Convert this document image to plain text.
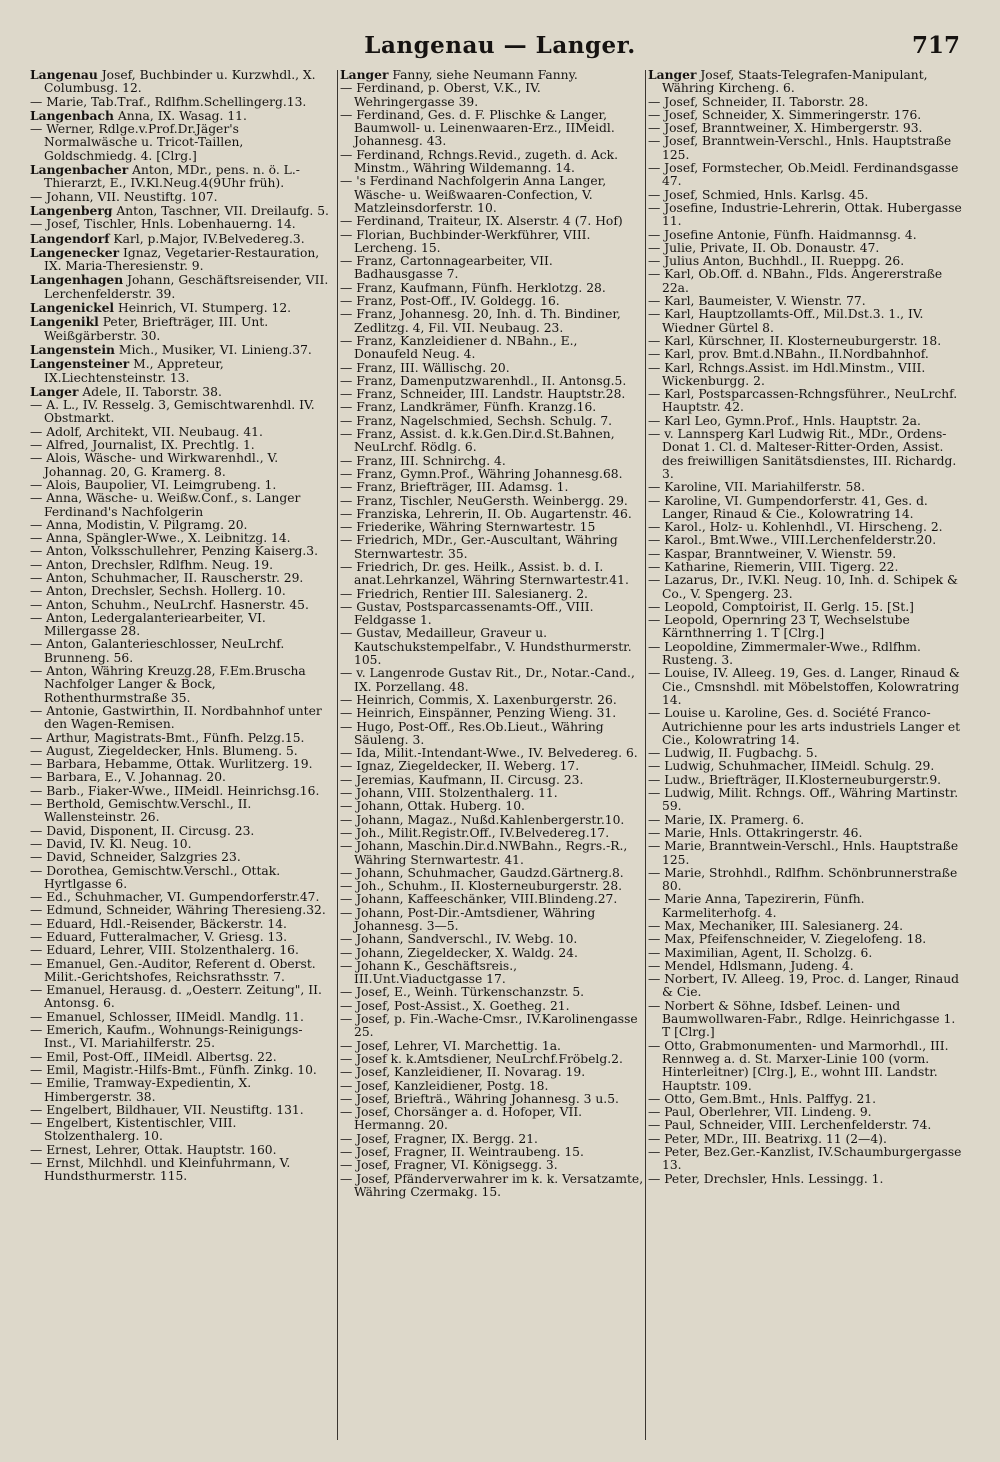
Langenau — Langer.	717
Langenau Josef, Buchbinder u. Kurzwhdl., X. Columbusg. 12.
— Marie, Tab.Traf., Rdlfhm.Schellingerg.13.
Langenbach Anna, IX. Wasag. 11.
— Werner, Rdlge.v.Prof.Dr.Jäger's Normalwäsche u. Tricot-Taillen, Goldschmiedg. 4. [Clrg.]
Langenbacher Anton, MDr., pens. n. ö. L.-Thierarzt, E., IV.Kl.Neug.4(9Uhr früh).
— Johann, VII. Neustiftg. 107.
Langenberg Anton, Taschner, VII. Dreilaufg. 5.
— Josef, Tischler, Hnls. Lobenhauerng. 14.
Langendorf Karl, p.Major, IV.Belvedereg.3.
Langenecker Ignaz, Vegetarier-Restauration, IX. Maria-Theresienstr. 9.
Langenhagen Johann, Geschäftsreisender, VII. Lerchenfelderstr. 39.
Langenickel Heinrich, VI. Stumperg. 12.
Langenikl Peter, Briefträger, III. Unt. Weißgärberstr. 30.
Langenstein Mich., Musiker, VI. Linieng.37.
Langensteiner M., Appreteur, IX.Liechtensteinstr. 13.
Langer Adele, II. Taborstr. 38.
— A. L., IV. Resselg. 3, Gemischtwarenhdl. IV. Obstmarkt.
— Adolf, Architekt, VII. Neubaug. 41.
— Alfred, Journalist, IX. Prechtlg. 1.
— Alois, Wäsche- und Wirkwarenhdl., V. Johannag. 20, G. Kramerg. 8.
— Alois, Baupolier, VI. Leimgrubeng. 1.
— Anna, Wäsche- u. Weißw.Conf., s. Langer Ferdinand's Nachfolgerin
— Anna, Modistin, V. Pilgramg. 20.
— Anna, Spängler-Wwe., X. Leibnitzg. 14.
— Anton, Volksschullehrer, Penzing Kaiserg.3.
— Anton, Drechsler, Rdlfhm. Neug. 19.
— Anton, Schuhmacher, II. Rauscherstr. 29.
— Anton, Drechsler, Sechsh. Hollerg. 10.
— Anton, Schuhm., NeuLrchf. Hasnerstr. 45.
— Anton, Ledergalanteriearbeiter, VI. Millergasse 28.
— Anton, Galanterieschlosser, NeuLrchf. Brunneng. 56.
— Anton, Währing Kreuzg.28, F.Em.Bruscha Nachfolger Langer & Bock, Rothenthurmstraße 35.
— Antonie, Gastwirthin, II. Nordbahnhof unter den Wagen-Remisen.
— Arthur, Magistrats-Bmt., Fünfh. Pelzg.15.
— August, Ziegeldecker, Hnls. Blumeng. 5.
— Barbara, Hebamme, Ottak. Wurlitzerg. 19.
— Barbara, E., V. Johannag. 20.
— Barb., Fiaker-Wwe., IIMeidl. Heinrichsg.16.
— Berthold, Gemischtw.Verschl., II. Wallensteinstr. 26.
— David, Disponent, II. Circusg. 23.
— David, IV. Kl. Neug. 10.
— David, Schneider, Salzgries 23.
— Dorothea, Gemischtw.Verschl., Ottak. Hyrtlgasse 6.
— Ed., Schuhmacher, VI. Gumpendorferstr.47.
— Edmund, Schneider, Währing Theresieng.32.
— Eduard, Hdl.-Reisender, Bäckerstr. 14.
— Eduard, Futteralmacher, V. Griesg. 13.
— Eduard, Lehrer, VIII. Stolzenthalerg. 16.
— Emanuel, Gen.-Auditor, Referent d. Oberst. Milit.-Gerichtshofes, Reichsrathsstr. 7.
— Emanuel, Herausg. d. „Oesterr. Zeitung", II. Antonsg. 6.
— Emanuel, Schlosser, IIMeidl. Mandlg. 11.
— Emerich, Kaufm., Wohnungs-Reinigungs-Inst., VI. Mariahilferstr. 25.
— Emil, Post-Off., IIMeidl. Albertsg. 22.
— Emil, Magistr.-Hilfs-Bmt., Fünfh. Zinkg. 10.
— Emilie, Tramway-Expedientin, X. Himbergerstr. 38.
— Engelbert, Bildhauer, VII. Neustiftg. 131.
— Engelbert, Kistentischler, VIII. Stolzenthalerg. 10.
— Ernest, Lehrer, Ottak. Hauptstr. 160.
— Ernst, Milchhdl. und Kleinfuhrmann, V. Hundsthurmerstr. 115.
Langer Fanny, siehe Neumann Fanny.
— Ferdinand, p. Oberst, V.K., IV. Wehringergasse 39.
— Ferdinand, Ges. d. F. Plischke & Langer, Baumwoll- u. Leinenwaaren-Erz., IIMeidl. Johannesg. 43.
— Ferdinand, Rchngs.Revid., zugeth. d. Ack. Minstm., Währing Wildemanng. 14.
— 's Ferdinand Nachfolgerin Anna Langer, Wäsche- u. Weißwaaren-Confection, V. Matzleinsdorferstr. 10.
— Ferdinand, Traiteur, IX. Alserstr. 4 (7. Hof)
— Florian, Buchbinder-Werkführer, VIII. Lercheng. 15.
— Franz, Cartonnagearbeiter, VII. Badhausgasse 7.
— Franz, Kaufmann, Fünfh. Herklotzg. 28.
— Franz, Post-Off., IV. Goldegg. 16.
— Franz, Johannesg. 20, Inh. d. Th. Bindiner, Zedlitzg. 4, Fil. VII. Neubaug. 23.
— Franz, Kanzleidiener d. NBahn., E., Donaufeld Neug. 4.
— Franz, III. Wällischg. 20.
— Franz, Damenputzwarenhdl., II. Antonsg.5.
— Franz, Schneider, III. Landstr. Hauptstr.28.
— Franz, Landkrämer, Fünfh. Kranzg.16.
— Franz, Nagelschmied, Sechsh. Schulg. 7.
— Franz, Assist. d. k.k.Gen.Dir.d.St.Bahnen, NeuLrchf. Rödlg. 6.
— Franz, III. Schnirchg. 4.
— Franz, Gymn.Prof., Währing Johannesg.68.
— Franz, Briefträger, III. Adamsg. 1.
— Franz, Tischler, NeuGersth. Weinbergg. 29.
— Franziska, Lehrerin, II. Ob. Augartenstr. 46.
— Friederike, Währing Sternwartestr. 15
— Friedrich, MDr., Ger.-Auscultant, Währing Sternwartestr. 35.
— Friedrich, Dr. ges. Heilk., Assist. b. d. I. anat.Lehrkanzel, Währing Sternwartestr.41.
— Friedrich, Rentier III. Salesianerg. 2.
— Gustav, Postsparcassenamts-Off., VIII. Feldgasse 1.
— Gustav, Medailleur, Graveur u. Kautschukstempelfabr., V. Hundsthurmerstr. 105.
— v. Langenrode Gustav Rit., Dr., Notar.-Cand., IX. Porzellang. 48.
— Heinrich, Commis, X. Laxenburgerstr. 26.
— Heinrich, Einspänner, Penzing Wieng. 31.
— Hugo, Post-Off., Res.Ob.Lieut., Währing Säuleng. 3.
— Ida, Milit.-Intendant-Wwe., IV. Belvedereg. 6.
— Ignaz, Ziegeldecker, II. Weberg. 17.
— Jeremias, Kaufmann, II. Circusg. 23.
— Johann, VIII. Stolzenthalerg. 11.
— Johann, Ottak. Huberg. 10.
— Johann, Magaz., Nußd.Kahlenbergerstr.10.
— Joh., Milit.Registr.Off., IV.Belvedereg.17.
— Johann, Maschin.Dir.d.NWBahn., Regrs.-R., Währing Sternwartestr. 41.
— Johann, Schuhmacher, Gaudzd.Gärtnerg.8.
— Joh., Schuhm., II. Klosterneuburgerstr. 28.
— Johann, Kaffeeschänker, VIII.Blindeng.27.
— Johann, Post-Dir.-Amtsdiener, Währing Johannesg. 3—5.
— Johann, Sandverschl., IV. Webg. 10.
— Johann, Ziegeldecker, X. Waldg. 24.
— Johann K., Geschäftsreis., III.Unt.Viaductgasse 17.
— Josef, E., Weinh. Türkenschanzstr. 5.
— Josef, Post-Assist., X. Goetheg. 21.
— Josef, p. Fin.-Wache-Cmsr., IV.Karolinengasse 25.
— Josef, Lehrer, VI. Marchettig. 1a.
— Josef k. k.Amtsdiener, NeuLrchf.Fröbelg.2.
— Josef, Kanzleidiener, II. Novarag. 19.
— Josef, Kanzleidiener, Postg. 18.
— Josef, Briefträ., Währing Johannesg. 3 u.5.
— Josef, Chorsänger a. d. Hofoper, VII. Hermanng. 20.
— Josef, Fragner, IX. Bergg. 21.
— Josef, Fragner, II. Weintraubeng. 15.
— Josef, Fragner, VI. Königsegg. 3.
— Josef, Pfänderverwahrer im k. k. Versatzamte, Währing Czermakg. 15.
Langer Josef, Staats-Telegrafen-Manipulant, Währing Kircheng. 6.
— Josef, Schneider, II. Taborstr. 28.
— Josef, Schneider, X. Simmeringerstr. 176.
— Josef, Branntweiner, X. Himbergerstr. 93.
— Josef, Branntwein-Verschl., Hnls. Hauptstraße 125.
— Josef, Formstecher, Ob.Meidl. Ferdinandsgasse 47.
— Josef, Schmied, Hnls. Karlsg. 45.
— Josefine, Industrie-Lehrerin, Ottak. Hubergasse 11.
— Josefine Antonie, Fünfh. Haidmannsg. 4.
— Julie, Private, II. Ob. Donaustr. 47.
— Julius Anton, Buchhdl., II. Rueppg. 26.
— Karl, Ob.Off. d. NBahn., Flds. Angererstraße 22a.
— Karl, Baumeister, V. Wienstr. 77.
— Karl, Hauptzollamts-Off., Mil.Dst.3. 1., IV. Wiedner Gürtel 8.
— Karl, Kürschner, II. Klosterneuburgerstr. 18.
— Karl, prov. Bmt.d.NBahn., II.Nordbahnhof.
— Karl, Rchngs.Assist. im Hdl.Minstm., VIII. Wickenburgg. 2.
— Karl, Postsparcassen-Rchngsführer., NeuLrchf. Hauptstr. 42.
— Karl Leo, Gymn.Prof., Hnls. Hauptstr. 2a.
— v. Lannsperg Karl Ludwig Rit., MDr., Ordens-Donat 1. Cl. d. Malteser-Ritter-Orden, Assist. des freiwilligen Sanitätsdienstes, III. Richardg. 3.
— Karoline, VII. Mariahilferstr. 58.
— Karoline, VI. Gumpendorferstr. 41, Ges. d. Langer, Rinaud & Cie., Kolowratring 14.
— Karol., Holz- u. Kohlenhdl., VI. Hirscheng. 2.
— Karol., Bmt.Wwe., VIII.Lerchenfelderstr.20.
— Kaspar, Branntweiner, V. Wienstr. 59.
— Katharine, Riemerin, VIII. Tigerg. 22.
— Lazarus, Dr., IV.Kl. Neug. 10, Inh. d. Schipek & Co., V. Spengerg. 23.
— Leopold, Comptoirist, II. Gerlg. 15. [St.]
— Leopold, Opernring 23 T, Wechselstube Kärnthnerring 1. T [Clrg.]
— Leopoldine, Zimmermaler-Wwe., Rdlfhm. Rusteng. 3.
— Louise, IV. Alleeg. 19, Ges. d. Langer, Rinaud & Cie., Cmsnshdl. mit Möbelstoffen, Kolowratring 14.
— Louise u. Karoline, Ges. d. Société Franco-Autrichienne pour les arts industriels Langer et Cie., Kolowratring 14.
— Ludwig, II. Fugbachg. 5.
— Ludwig, Schuhmacher, IIMeidl. Schulg. 29.
— Ludw., Briefträger, II.Klosterneuburgerstr.9.
— Ludwig, Milit. Rchngs. Off., Währing Martinstr. 59.
— Marie, IX. Pramerg. 6.
— Marie, Hnls. Ottakringerstr. 46.
— Marie, Branntwein-Verschl., Hnls. Hauptstraße 125.
— Marie, Strohhdl., Rdlfhm. Schönbrunnerstraße 80.
— Marie Anna, Tapezirerin, Fünfh. Karmeliterhofg. 4.
— Max, Mechaniker, III. Salesianerg. 24.
— Max, Pfeifenschneider, V. Ziegelofeng. 18.
— Maximilian, Agent, II. Scholzg. 6.
— Mendel, Hdlsmann, Judeng. 4.
— Norbert, IV. Alleeg. 19, Proc. d. Langer, Rinaud & Cie.
— Norbert & Söhne, Idsbef. Leinen- und Baumwollwaren-Fabr., Rdlge. Heinrichgasse 1. T [Clrg.]
— Otto, Grabmonumenten- und Marmorhdl., III. Rennweg a. d. St. Marxer-Linie 100 (vorm. Hinterleitner) [Clrg.], E., wohnt III. Landstr. Hauptstr. 109.
— Otto, Gem.Bmt., Hnls. Palffyg. 21.
— Paul, Oberlehrer, VII. Lindeng. 9.
— Paul, Schneider, VIII. Lerchenfelderstr. 74.
— Peter, MDr., III. Beatrixg. 11 (2—4).
— Peter, Bez.Ger.-Kanzlist, IV.Schaumburgergasse 13.
— Peter, Drechsler, Hnls. Lessingg. 1.
